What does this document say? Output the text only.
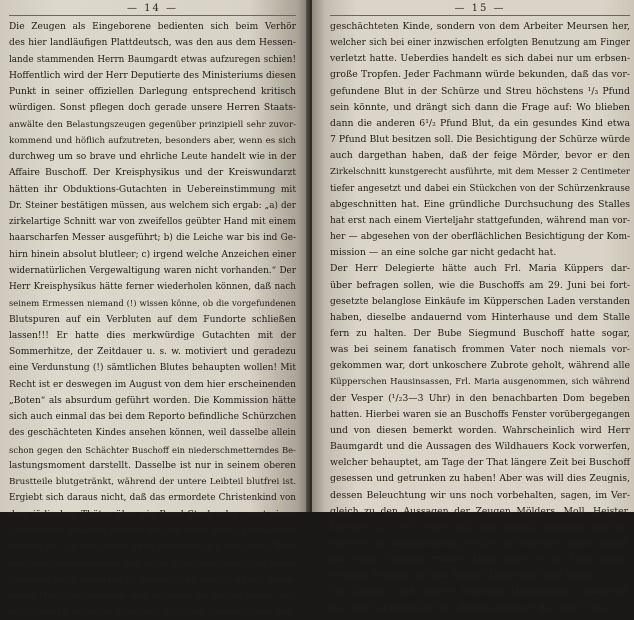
— 14 —
Die Zeugen als Eingeborene bedienten sich beim Verhör
des hier landläufigen Plattdeutsch, was den aus dem Hessen-
lande stammenden Herrn Baumgardt etwas aufzuregen schien!
Hoffentlich wird der Herr Deputierte des Ministeriums diesen
Punkt in seiner offiziellen Darlegung entsprechend kritisch
würdigen. Sonst pflegen doch gerade unsere Herren Staats-
anwälte den Belastungszeugen gegenüber prinzipiell sehr zuvor-
kommend und höflich aufzutreten, besonders aber, wenn es sich
durchweg um so brave und ehrliche Leute handelt wie in der
Affaire Buschoff. Der Kreisphysikus und der Kreiswundarzt
hätten ihr Obduktions-Gutachten in Uebereinstimmung mit
Dr. Steiner bestätigen müssen, aus welchem sich ergab: „a) der
zirkelartige Schnitt war von zweifellos geübter Hand mit einem
haarscharfen Messer ausgeführt; b) die Leiche war bis ind Ge-
hirn hinein absolut blutleer; c) irgend welche Anzeichen einer
widernatürlichen Vergewaltigung waren nicht vorhanden.“ Der
Herr Kreisphysikus hätte ferner wiederholen können, daß nach
seinem Ermessen niemand (!) wissen könne, ob die vorgefundenen
Blutspuren auf ein Verbluten auf dem Fundorte schließen
lassen!!! Er hatte dies merkwürdige Gutachten mit der
Sommerhitze, der Zeitdauer u. s. w. motiviert und geradezu
eine Verdunstung (!) sämtlichen Blutes behaupten wollen! Mit
Recht ist er deswegen im August von dem hier erscheinenden
„Boten“ als absurdum geführt worden. Die Kommission hätte
sich auch einmal das bei dem Reporto befindliche Schürzchen
des geschächteten Kindes ansehen können, weil dasselbe allein
schon gegen den Schächter Buschoff ein niederschmetterndes Be-
lastungsmoment darstellt. Dasselbe ist nur in seinem oberen
Brustteile blutgetränkt, während der untere Leibteil blutfrei ist.
Ergiebt sich daraus nicht, daß das ermordete Christenkind von
dem jüdischen Thäter über ein Bund Stroh oder sonst einen
Gegenstand gehalten worden und auf diese Weise geschächtet
worden ist? An dem einen Fuße befanden sich auch noch Blut-
teile, aber gewissermaßen Blut selbst auffallenderweise gar! Dieser
Umstand giebt ebenfalls zu denken. Und was ist an der Wann-
mühle (Kornklappermühle, welche neben der Leiche stand), vor-
gefundenen Blutspritzer anbelangt, so führen diese nicht von dem
— 15 —
geschächteten Kinde, sondern von dem Arbeiter Meursen her,
welcher sich bei einer inzwischen erfolgten Benutzung am Finger
verletzt hatte. Ueberdies handelt es sich dabei nur um erbsen-
große Tropfen. Jeder Fachmann würde bekunden, daß das vor-
gefundene Blut in der Schürze und Streu höchstens ¹/₃ Pfund
sein könnte, und drängt sich dann die Frage auf: Wo blieben
dann die anderen 6¹/₂ Pfund Blut, da ein gesundes Kind etwa
7 Pfund Blut besitzen soll. Die Besichtigung der Schürze würde
auch dargethan haben, daß der feige Mörder, bevor er den
Zirkelschnitt kunstgerecht ausführte, mit dem Messer 2 Centimeter
tiefer angesetzt und dabei ein Stückchen von der Schürzenkrause
abgeschnitten hat. Eine gründliche Durchsuchung des Stalles
hat erst nach einem Vierteljahr stattgefunden, während man vor-
her — abgesehen von der oberflächlichen Besichtigung der Kom-
mission — an eine solche gar nicht gedacht hat.
Der Herr Delegierte hätte auch Frl. Maria Küppers dar-
über befragen sollen, wie die Buschoffs am 29. Juni bei fort-
gesetzte belanglose Einkäufe im Küpperschen Laden verstanden
haben, dieselbe andauernd vom Hinterhause und dem Stalle
fern zu halten. Der Bube Siegmund Buschoff hatte sogar,
was bei seinem fanatisch frommen Vater noch niemals vor-
gekommen war, dort unkoschere Zubrote geholt, während alle
Küpperschen Hausinsassen, Frl. Maria ausgenommen, sich während
der Vesper (¹/₂3—3 Uhr) in den benachbarten Dom begeben
hatten. Hierbei waren sie an Buschoffs Fenster vorübergegangen
und von diesen bemerkt worden. Wahrscheinlich wird Herr
Baumgardt und die Aussagen des Wildhauers Kock vorwerfen,
welcher behauptet, am Tage der That längere Zeit bei Buschoff
gesessen und getrunken zu haben! Aber was will dies Zeugnis,
dessen Beleuchtung wir uns noch vorbehalten, sagen, im Ver-
gleich zu den Aussagen der Zeugen Mölders, Moll, Heister,
Kernder u. s. w.? Oder will man wirklich glauben machen,
ersterer sei unglaubwürdig, weil er bei schwerer Arbeit mand-
mal einen Schnaps tränke? Dann gäbe es am Ende glaub-
würdige Zeugen auf dem flachen Lande gar nicht mehr.
Im übrigen sind unsere früheren Darlegungen unanfecht-
bar, und hat nunmehr der „Reichsanzeiger“ das Wort. Was
